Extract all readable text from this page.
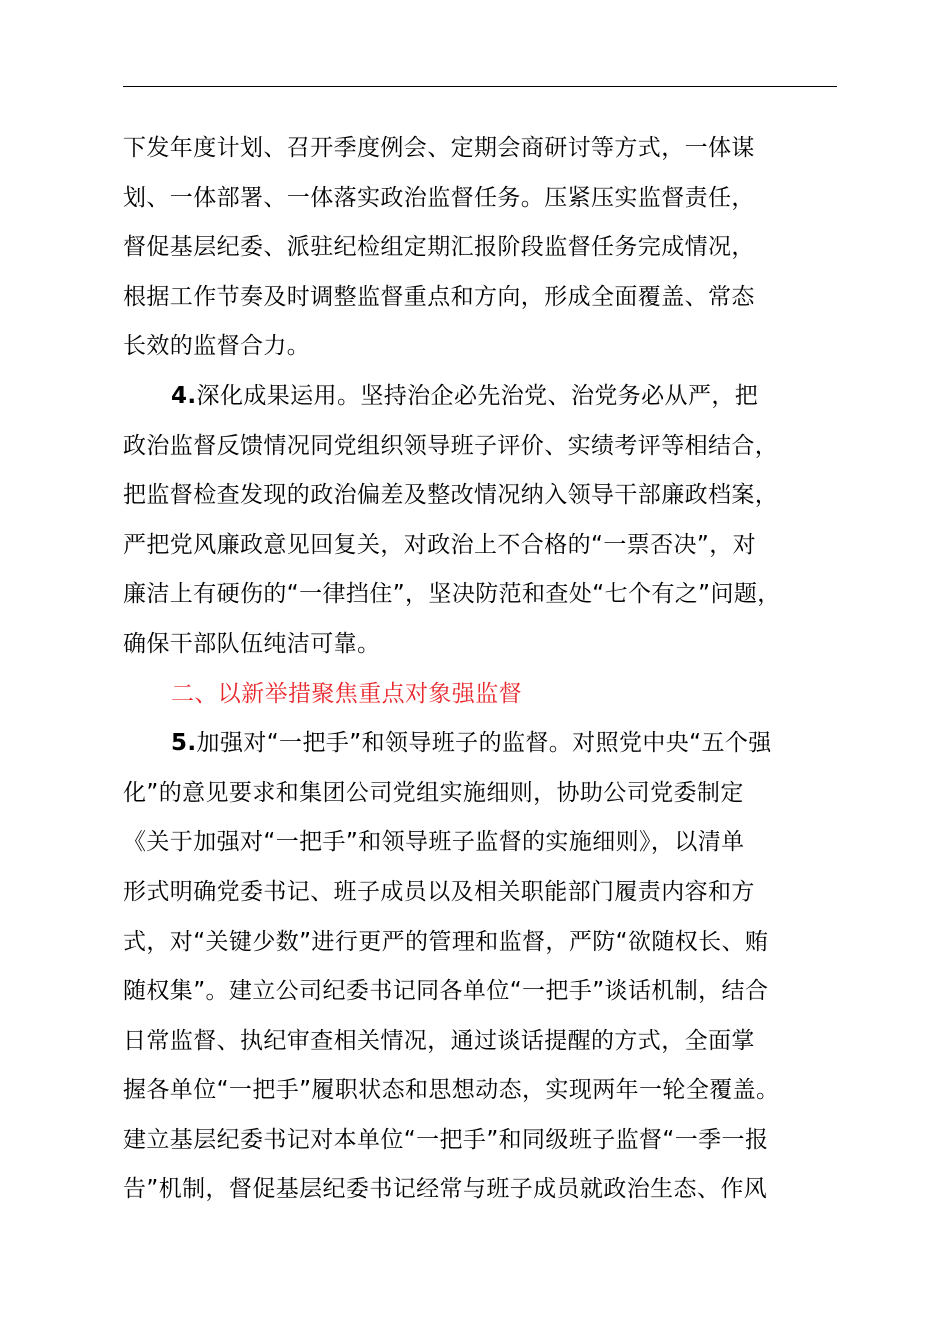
下发年度计划、召开季度例会、定期会商研讨等方式，一体谋
划、一体部署、一体落实政治监督任务。压紧压实监督责任，
督促基层纪委、派驻纪检组定期汇报阶段监督任务完成情况，
根据工作节奏及时调整监督重点和方向，形成全面覆盖、常态
长效的监督合力。
4.深化成果运用。坚持治企必先治党、治党务必从严，把
政治监督反馈情况同党组织领导班子评价、实绩考评等相结合，
把监督检查发现的政治偏差及整改情况纳入领导干部廉政档案，
严把党风廉政意见回复关，对政治上不合格的“一票否决”，对
廉洁上有硬伤的“一律挡住”，坚决防范和查处“七个有之”问题，
确保干部队伍纯洁可靠。
二、以新举措聚焦重点对象强监督
5.加强对“一把手”和领导班子的监督。对照党中央“五个强
化”的意见要求和集团公司党组实施细则，协助公司党委制定
《关于加强对“一把手”和领导班子监督的实施细则》，以清单
形式明确党委书记、班子成员以及相关职能部门履责内容和方
式，对“关键少数”进行更严的管理和监督，严防“欲随权长、贿
随权集”。建立公司纪委书记同各单位“一把手”谈话机制，结合
日常监督、执纪审查相关情况，通过谈话提醒的方式，全面掌
握各单位“一把手”履职状态和思想动态，实现两年一轮全覆盖。
建立基层纪委书记对本单位“一把手”和同级班子监督“一季一报
告”机制，督促基层纪委书记经常与班子成员就政治生态、作风
